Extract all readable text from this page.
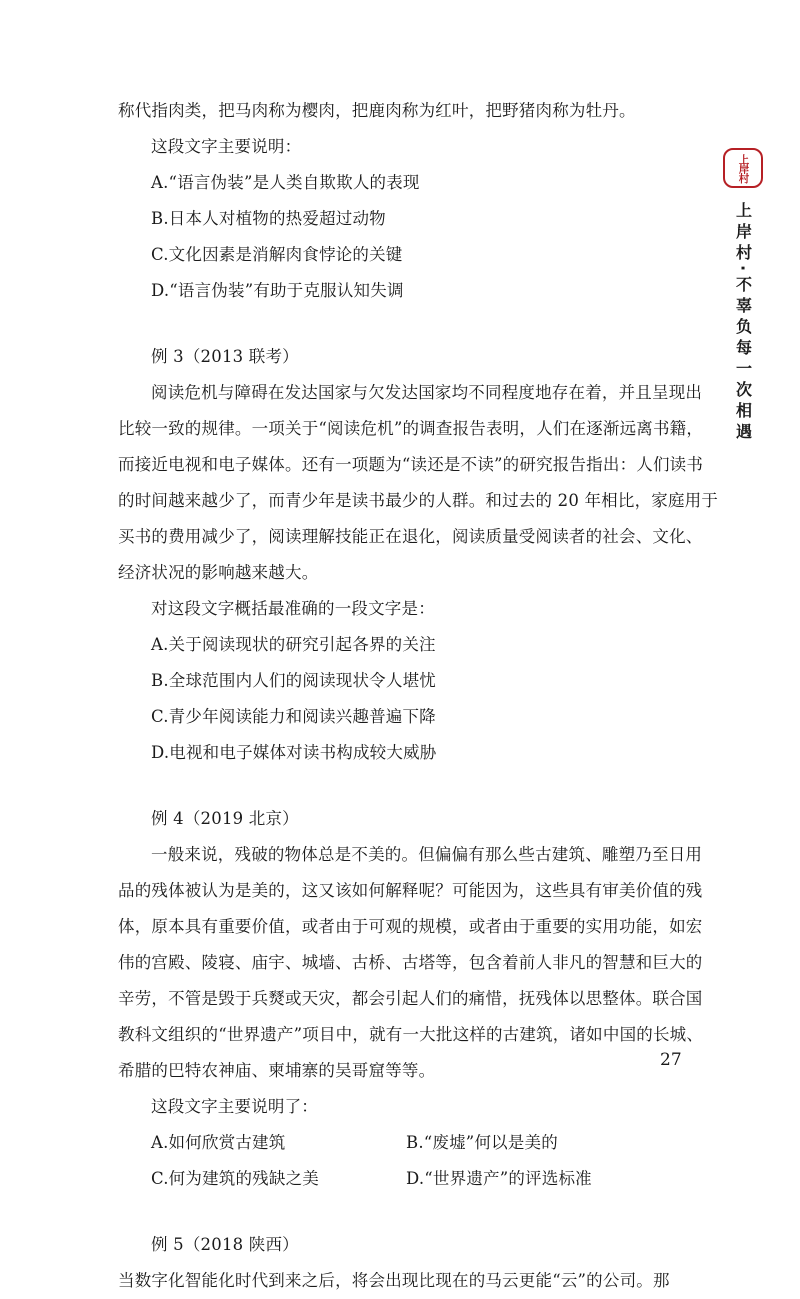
上岸村
上岸村·不辜负每一次相遇
称代指肉类，把马肉称为樱肉，把鹿肉称为红叶，把野猪肉称为牡丹。
这段文字主要说明：
A.“语言伪装”是人类自欺欺人的表现
B.日本人对植物的热爱超过动物
C.文化因素是消解肉食悖论的关键
D.“语言伪装”有助于克服认知失调
例 3（2013 联考）
阅读危机与障碍在发达国家与欠发达国家均不同程度地存在着，并且呈现出
比较一致的规律。一项关于“阅读危机”的调查报告表明，人们在逐渐远离书籍，
而接近电视和电子媒体。还有一项题为“读还是不读”的研究报告指出：人们读书
的时间越来越少了，而青少年是读书最少的人群。和过去的 20 年相比，家庭用于
买书的费用减少了，阅读理解技能正在退化，阅读质量受阅读者的社会、文化、
经济状况的影响越来越大。
对这段文字概括最准确的一段文字是：
A.关于阅读现状的研究引起各界的关注
B.全球范围内人们的阅读现状令人堪忧
C.青少年阅读能力和阅读兴趣普遍下降
D.电视和电子媒体对读书构成较大威胁
例 4（2019 北京）
一般来说，残破的物体总是不美的。但偏偏有那么些古建筑、雕塑乃至日用
品的残体被认为是美的，这又该如何解释呢？可能因为，这些具有审美价值的残
体，原本具有重要价值，或者由于可观的规模，或者由于重要的实用功能，如宏
伟的宫殿、陵寝、庙宇、城墙、古桥、古塔等，包含着前人非凡的智慧和巨大的
辛劳，不管是毁于兵燹或天灾，都会引起人们的痛惜，抚残体以思整体。联合国
教科文组织的“世界遗产”项目中，就有一大批这样的古建筑，诸如中国的长城、
希腊的巴特农神庙、柬埔寨的吴哥窟等等。
这段文字主要说明了：
A.如何欣赏古建筑	B.“废墟”何以是美的
C.何为建筑的残缺之美	D.“世界遗产”的评选标准
例 5（2018 陕西）
当数字化智能化时代到来之后，将会出现比现在的马云更能“云”的公司。那
27
